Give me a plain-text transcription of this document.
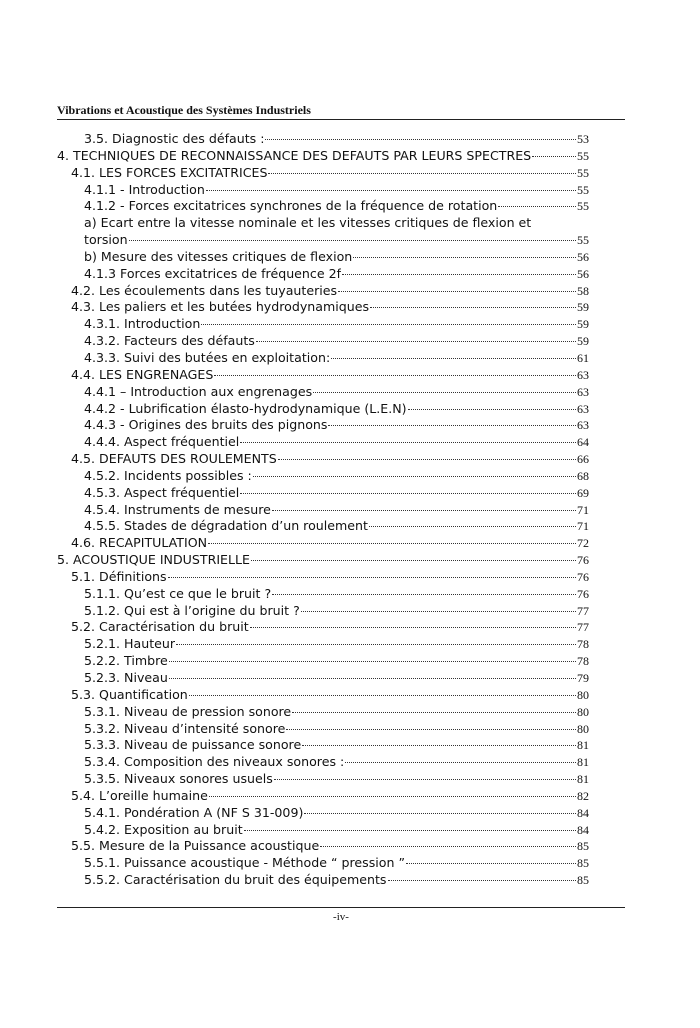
Vibrations et Acoustique des Systèmes Industriels
3.5. Diagnostic des défauts :	53
4. TECHNIQUES DE RECONNAISSANCE DES DEFAUTS PAR LEURS SPECTRES	55
4.1. LES FORCES EXCITATRICES	55
4.1.1 - Introduction	55
4.1.2 - Forces excitatrices synchrones de la fréquence de rotation	55
a) Ecart entre la vitesse nominale et les vitesses critiques de flexion et
torsion	55
b) Mesure des vitesses critiques de flexion	56
4.1.3 Forces excitatrices de fréquence 2f	56
4.2. Les écoulements dans les tuyauteries	58
4.3. Les paliers et les butées hydrodynamiques	59
4.3.1. Introduction	59
4.3.2. Facteurs des défauts	59
4.3.3. Suivi des butées en exploitation:	61
4.4. LES ENGRENAGES	63
4.4.1 – Introduction aux engrenages	63
4.4.2 - Lubrification élasto-hydrodynamique (L.E.N)	63
4.4.3 - Origines des bruits des pignons	63
4.4.4. Aspect fréquentiel	64
4.5. DEFAUTS DES ROULEMENTS	66
4.5.2. Incidents possibles :	68
4.5.3. Aspect fréquentiel	69
4.5.4. Instruments de mesure	71
4.5.5. Stades de dégradation d’un roulement	71
4.6. RECAPITULATION	72
5. ACOUSTIQUE INDUSTRIELLE	76
5.1. Définitions	76
5.1.1. Qu’est ce que le bruit ?	76
5.1.2. Qui est à l’origine du bruit ?	77
5.2. Caractérisation du bruit	77
5.2.1. Hauteur	78
5.2.2. Timbre	78
5.2.3. Niveau	79
5.3. Quantification	80
5.3.1. Niveau de pression sonore	80
5.3.2. Niveau d’intensité sonore	80
5.3.3. Niveau de puissance sonore	81
5.3.4. Composition des niveaux sonores :	81
5.3.5. Niveaux sonores usuels	81
5.4. L’oreille humaine	82
5.4.1. Pondération A (NF S 31-009)	84
5.4.2. Exposition au bruit	84
5.5. Mesure de la Puissance acoustique	85
5.5.1. Puissance acoustique - Méthode “ pression ”	85
5.5.2. Caractérisation du bruit des équipements	85
-iv-
